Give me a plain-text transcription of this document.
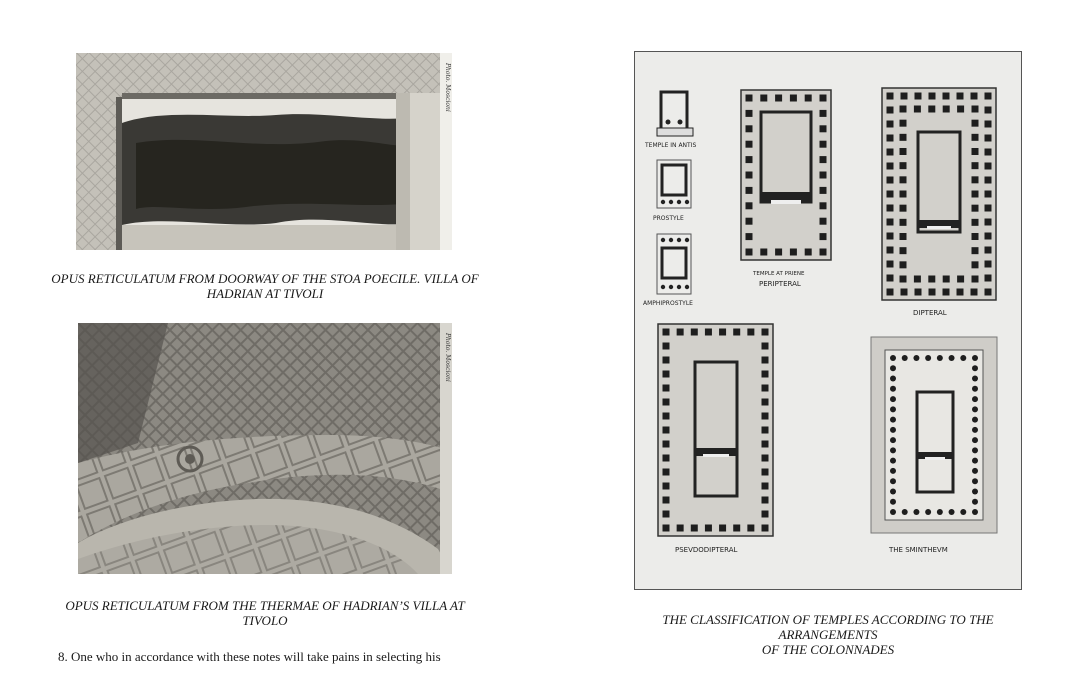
Photo. Moscioni
OPUS RETICULATUM FROM DOORWAY OF THE STOA POECILE. VILLA OF HADRIAN AT TIVOLI
Photo. Moscioni
OPUS RETICULATUM FROM THE THERMAE OF HADRIAN’S VILLA AT TIVOLO
8. One who in accordance with these notes will take pains in selecting his
TEMPLE IN ANTIS
PROSTYLE
AMPHIPROSTYLE
TEMPLE AT PRIENE
PERIPTERAL
DIPTERAL
PSEVDODIPTERAL	THE SMINTHEVM
THE CLASSIFICATION OF TEMPLES ACCORDING TO THE
ARRANGEMENTS
OF THE COLONNADES
